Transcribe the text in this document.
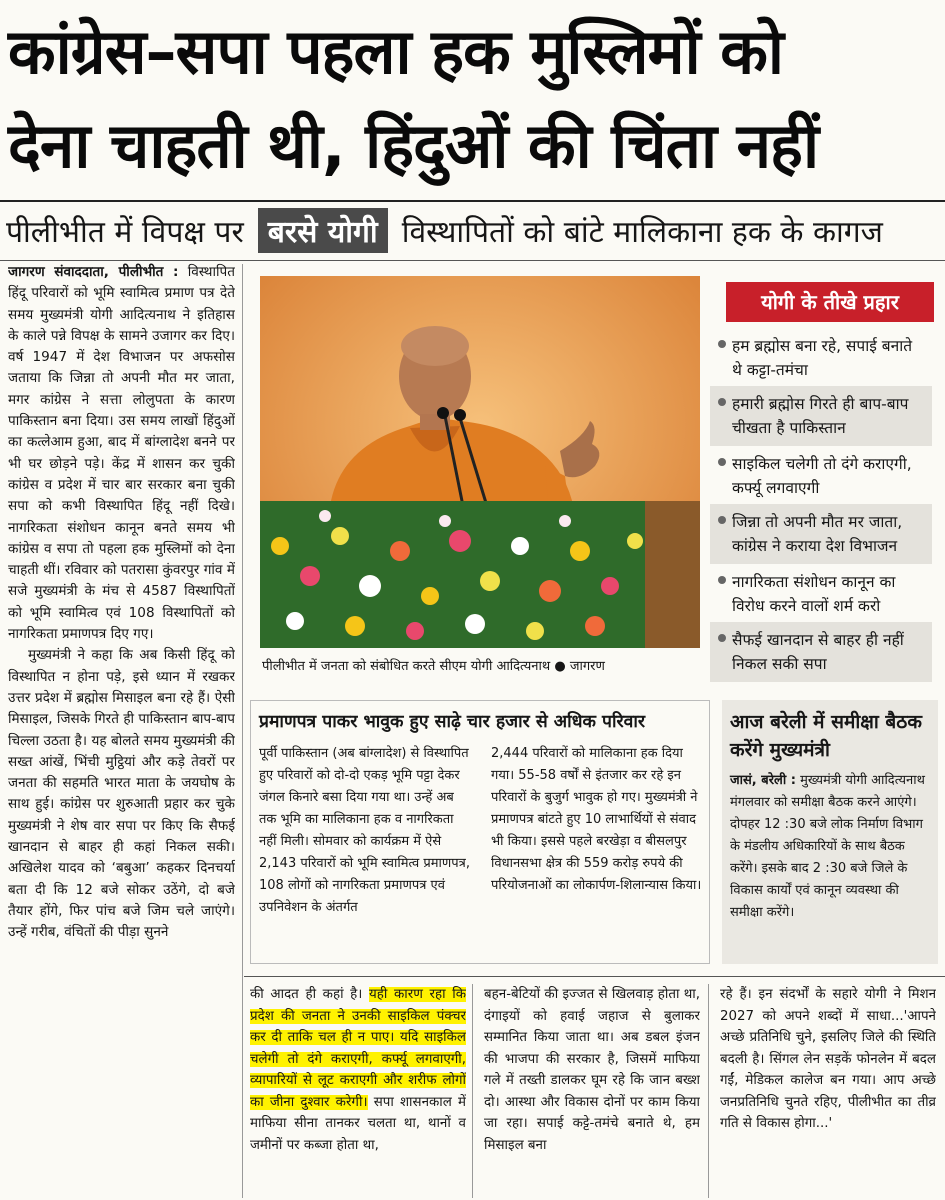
कांग्रेस–सपा पहला हक मुस्लिमों को
देना चाहती थी, हिंदुओं की चिंता नहीं
पीलीभीत में विपक्ष पर बरसे योगी विस्थापितों को बांटे मालिकाना हक के कागज

जागरण संवाददाता, पीलीभीत : विस्थापित हिंदू परिवारों को भूमि स्वामित्व प्रमाण पत्र देते समय मुख्यमंत्री योगी आदित्यनाथ ने इतिहास के काले पन्ने विपक्ष के सामने उजागर कर दिए। वर्ष 1947 में देश विभाजन पर अफसोस जताया कि जिन्ना तो अपनी मौत मर जाता, मगर कांग्रेस ने सत्ता लोलुपता के कारण पाकिस्तान बना दिया। उस समय लाखों हिंदुओं का कत्लेआम हुआ, बाद में बांग्लादेश बनने पर भी घर छोड़ने पड़े। केंद्र में शासन कर चुकी कांग्रेस व प्रदेश में चार बार सरकार बना चुकी सपा को कभी विस्थापित हिंदू नहीं दिखे। नागरिकता संशोधन कानून बनते समय भी कांग्रेस व सपा तो पहला हक मुस्लिमों को देना चाहती थीं। रविवार को पतरासा कुंवरपुर गांव में सजे मुख्यमंत्री के मंच से 4587 विस्थापितों को भूमि स्वामित्व एवं 108 विस्थापितों को नागरिकता प्रमाणपत्र दिए गए।

मुख्यमंत्री ने कहा कि अब किसी हिंदू को विस्थापित न होना पड़े, इसे ध्यान में रखकर उत्तर प्रदेश में ब्रह्मोस मिसाइल बना रहे हैं। ऐसी मिसाइल, जिसके गिरते ही पाकिस्तान बाप-बाप चिल्ला उठता है। यह बोलते समय मुख्यमंत्री की सख्त आंखें, भिंची मुट्ठियां और कड़े तेवरों पर जनता की सहमति भारत माता के जयघोष के साथ हुई। कांग्रेस पर शुरुआती प्रहार कर चुके मुख्यमंत्री ने शेष वार सपा पर किए कि सैफई खानदान से बाहर ही कहां निकल सकी। अखिलेश यादव को ‘बबुआ’ कहकर दिनचर्या बता दी कि 12 बजे सोकर उठेंगे, दो बजे तैयार होंगे, फिर पांच बजे जिम चले जाएंगे। उन्हें गरीब, वंचितों की पीड़ा सुनने

पीलीभीत में जनता को संबोधित करते सीएम योगी आदित्यनाथ ● जागरण
योगी के तीखे प्रहार
हम ब्रह्मोस बना रहे, सपाई बनाते थे कट्टा-तमंचा
हमारी ब्रह्मोस गिरते ही बाप-बाप चीखता है पाकिस्तान
साइकिल चलेगी तो दंगे कराएगी, कर्फ्यू लगवाएगी
जिन्ना तो अपनी मौत मर जाता, कांग्रेस ने कराया देश विभाजन
नागरिकता संशोधन कानून का विरोध करने वालों शर्म करो
सैफई खानदान से बाहर ही नहीं निकल सकी सपा
प्रमाणपत्र पाकर भावुक हुए साढ़े चार हजार से अधिक परिवार
पूर्वी पाकिस्तान (अब बांग्लादेश) से विस्थापित हुए परिवारों को दो-दो एकड़ भूमि पट्टा देकर जंगल किनारे बसा दिया गया था। उन्हें अब तक भूमि का मालिकाना हक व नागरिकता नहीं मिली। सोमवार को कार्यक्रम में ऐसे 2,143 परिवारों को भूमि स्वामित्व प्रमाणपत्र, 108 लोगों को नागरिकता प्रमाणपत्र एवं उपनिवेशन के अंतर्गत
2,444 परिवारों को मालिकाना हक दिया गया। 55-58 वर्षों से इंतजार कर रहे इन परिवारों के बुजुर्ग भावुक हो गए। मुख्यमंत्री ने प्रमाणपत्र बांटते हुए 10 लाभार्थियों से संवाद भी किया। इससे पहले बरखेड़ा व बीसलपुर विधानसभा क्षेत्र की 559 करोड़ रुपये की परियोजनाओं का लोकार्पण-शिलान्यास किया।
आज बरेली में समीक्षा बैठक करेंगे मुख्यमंत्री
जासं, बरेली : मुख्यमंत्री योगी आदित्यनाथ मंगलवार को समीक्षा बैठक करने आएंगे। दोपहर 12 :30 बजे लोक निर्माण विभाग के मंडलीय अधिकारियों के साथ बैठक करेंगे। इसके बाद 2 :30 बजे जिले के विकास कार्यों एवं कानून व्यवस्था की समीक्षा करेंगे।
की आदत ही कहां है। यही कारण रहा कि प्रदेश की जनता ने उनकी साइकिल पंक्चर कर दी ताकि चल ही न पाए। यदि साइकिल चलेगी तो दंगे कराएगी, कर्फ्यू लगवाएगी, व्यापारियों से लूट कराएगी और शरीफ लोगों का जीना दुश्वार करेगी। सपा शासनकाल में माफिया सीना तानकर चलता था, थानों व जमीनों पर कब्जा होता था,
बहन-बेटियों की इज्जत से खिलवाड़ होता था, दंगाइयों को हवाई जहाज से बुलाकर सम्मानित किया जाता था। अब डबल इंजन की भाजपा की सरकार है, जिसमें माफिया गले में तख्ती डालकर घूम रहे कि जान बख्श दो। आस्था और विकास दोनों पर काम किया जा रहा। सपाई कट्टे-तमंचे बनाते थे, हम मिसाइल बना
रहे हैं। इन संदर्भों के सहारे योगी ने मिशन 2027 को अपने शब्दों में साधा...'आपने अच्छे प्रतिनिधि चुने, इसलिए जिले की स्थिति बदली है। सिंगल लेन सड़कें फोनलेन में बदल गईं, मेडिकल कालेज बन गया। आप अच्छे जनप्रतिनिधि चुनते रहिए, पीलीभीत का तीव्र गति से विकास होगा...'
